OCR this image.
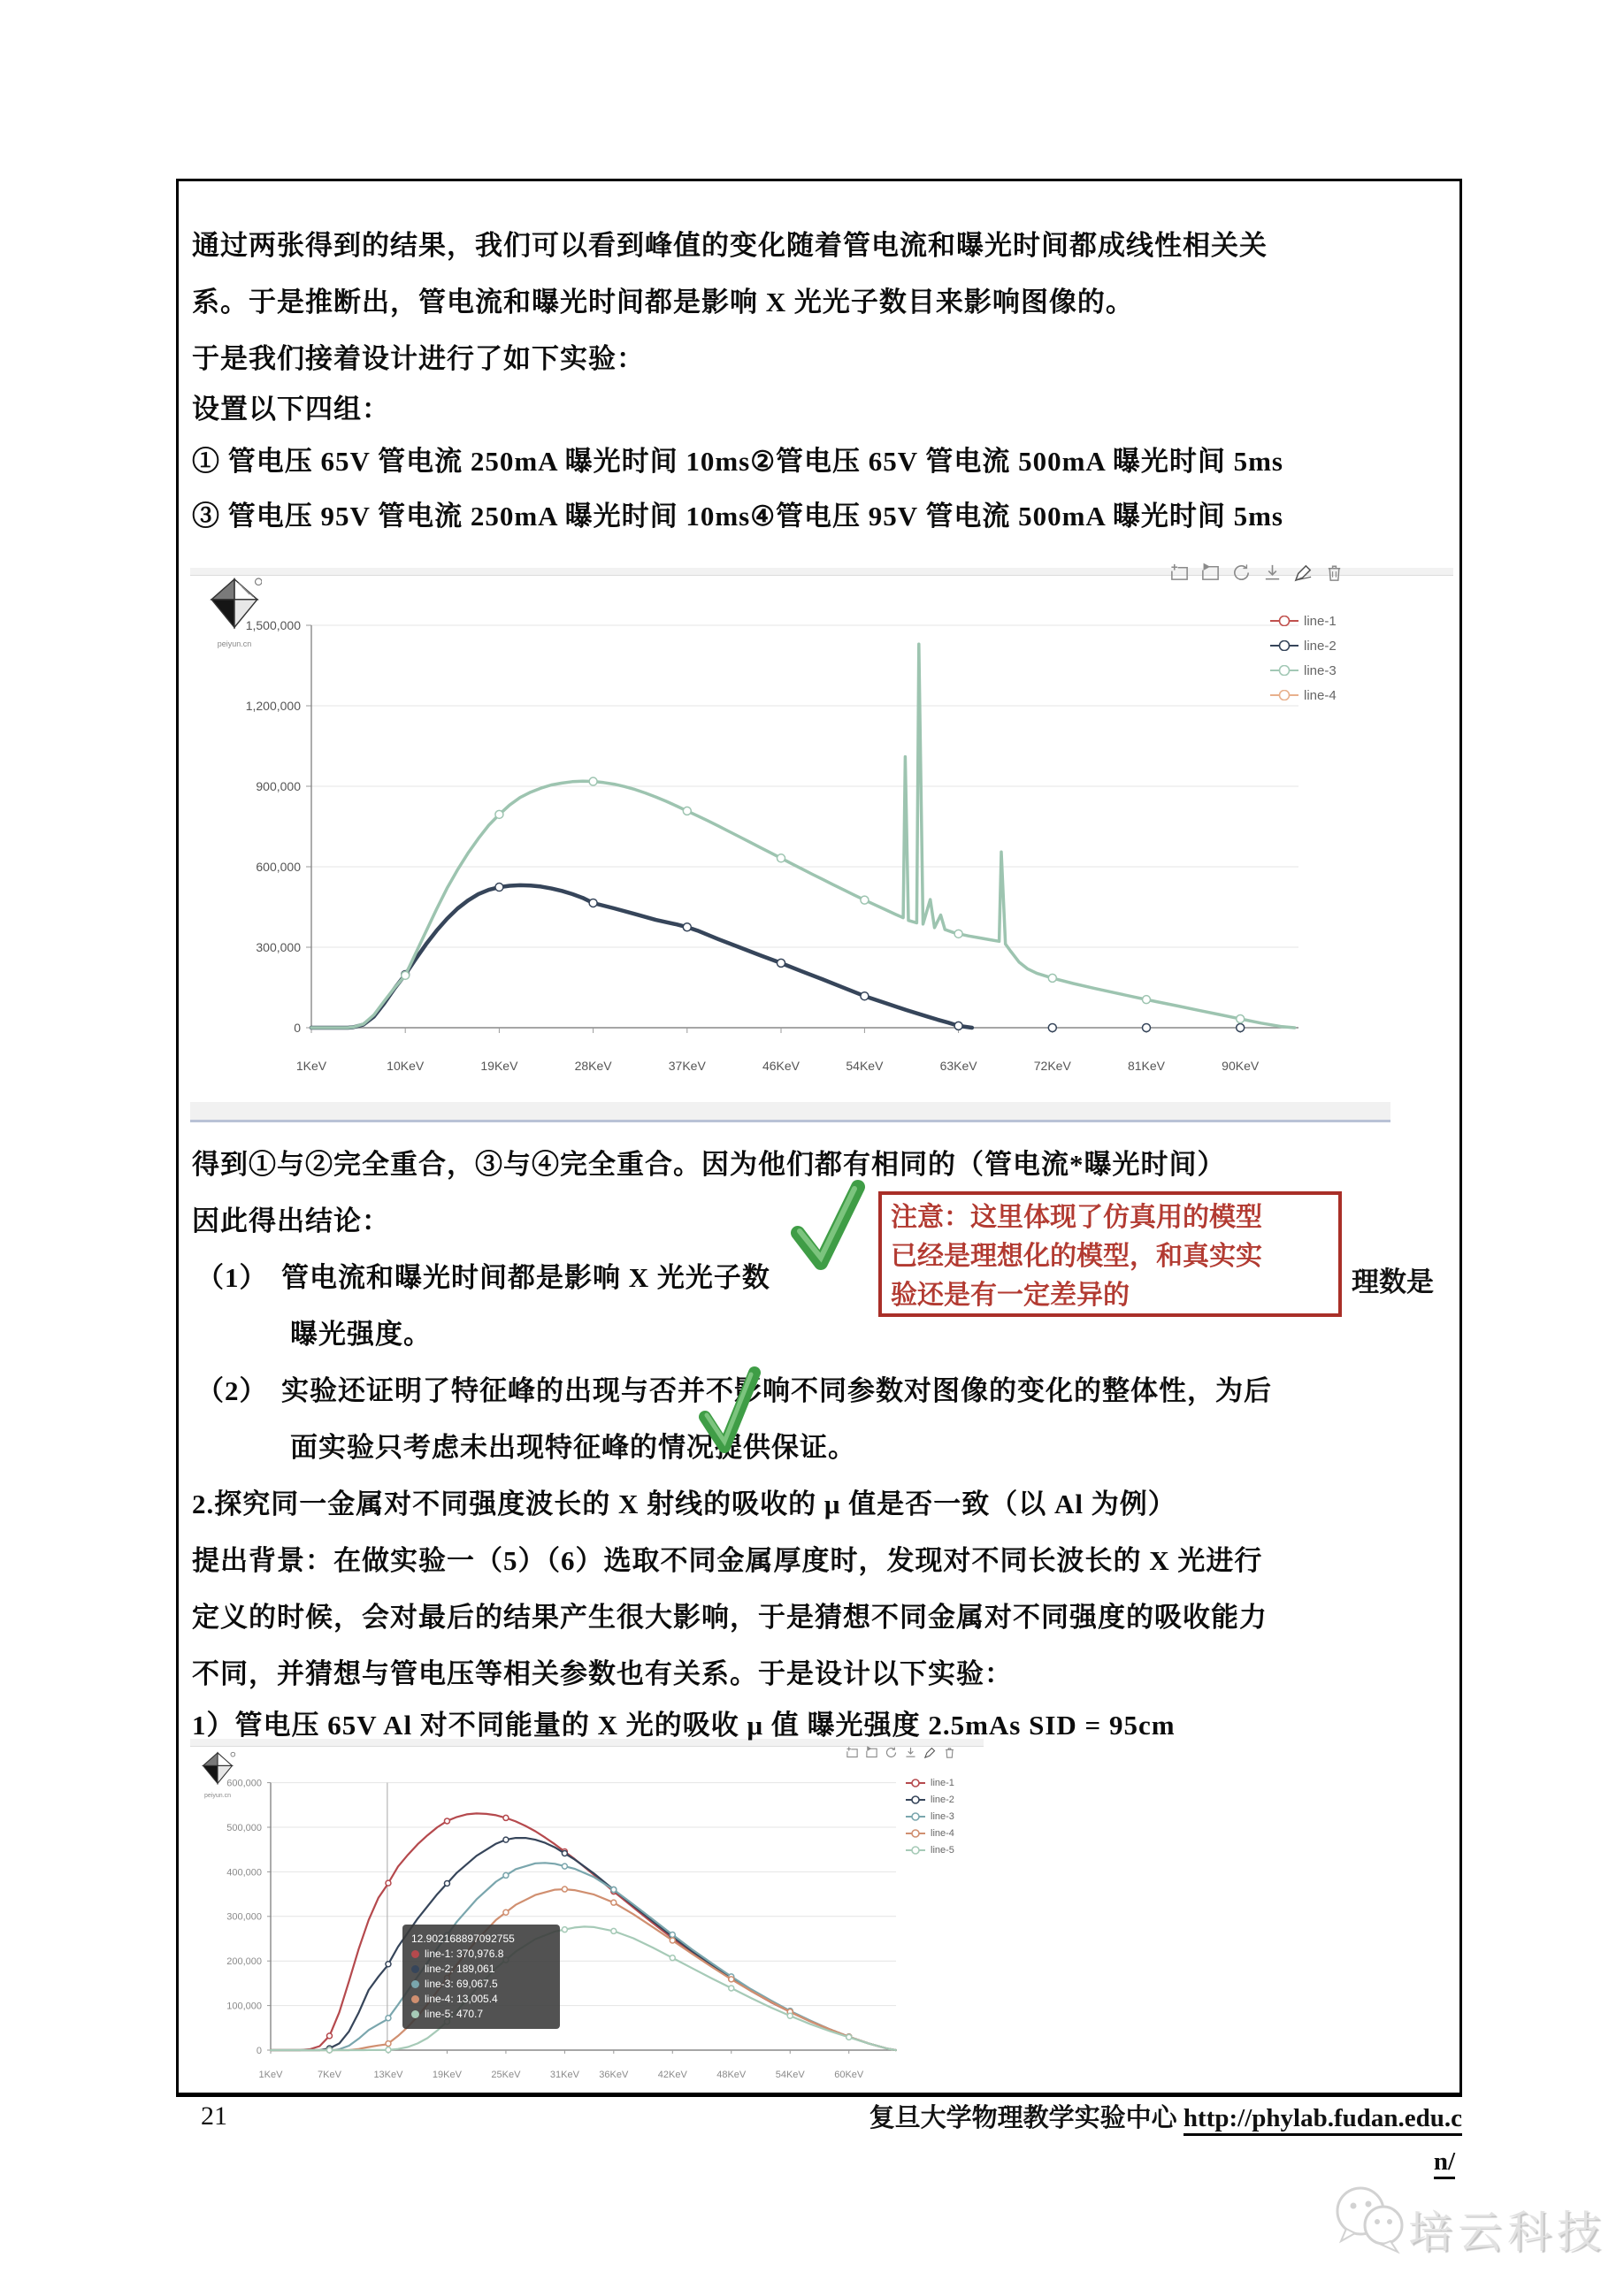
0
300,000
600,000
900,000
1,200,000
1,500,000
1KeV	10KeV	19KeV	28KeV	37KeV	46KeV	54KeV	63KeV	72KeV	81KeV	90KeV
0
100,000
200,000
300,000
400,000
500,000
600,000
1KeV	7KeV	13KeV	19KeV	25KeV	31KeV 36KeV	42KeV	48KeV	54KeV	60KeV
通过两张得到的结果，我们可以看到峰值的变化随着管电流和曝光时间都成线性相关关
系。于是推断出，管电流和曝光时间都是影响 X 光光子数目来影响图像的。
于是我们接着设计进行了如下实验：
设置以下四组：
① 管电压 65V 管电流 250mA 曝光时间 10ms②管电压 65V 管电流 500mA 曝光时间 5ms
③ 管电压 95V 管电流 250mA 曝光时间 10ms④管电压 95V 管电流 500mA 曝光时间 5ms
得到①与②完全重合，③与④完全重合。因为他们都有相同的（管电流*曝光时间）
因此得出结论：
（1） 管电流和曝光时间都是影响 X 光光子数	理数是
曝光强度。
（2） 实验还证明了特征峰的出现与否并不影响不同参数对图像的变化的整体性，为后
面实验只考虑未出现特征峰的情况提供保证。
2.探究同一金属对不同强度波长的 X 射线的吸收的 μ 值是否一致（以 Al 为例）
提出背景：在做实验一（5）（6）选取不同金属厚度时，发现对不同长波长的 X 光进行
定义的时候，会对最后的结果产生很大影响，于是猜想不同金属对不同强度的吸收能力
不同，并猜想与管电压等相关参数也有关系。于是设计以下实验：
1）管电压 65V Al 对不同能量的 X 光的吸收 μ 值 曝光强度 2.5mAs SID = 95cm
peiyun.cn
line-1
line-2
line-3
line-4
peiyun.cn
line-1
line-2
line-3
line-4
line-5
12.902168897092755
line-1: 370,976.8
line-2: 189,061
line-3: 69,067.5
line-4: 13,005.4
line-5: 470.7
注意：这里体现了仿真用的模型
已经是理想化的模型，和真实实
验还是有一定差异的
21	复旦大学物理教学实验中心 http://phylab.fudan.edu.c
n/
培云科技
